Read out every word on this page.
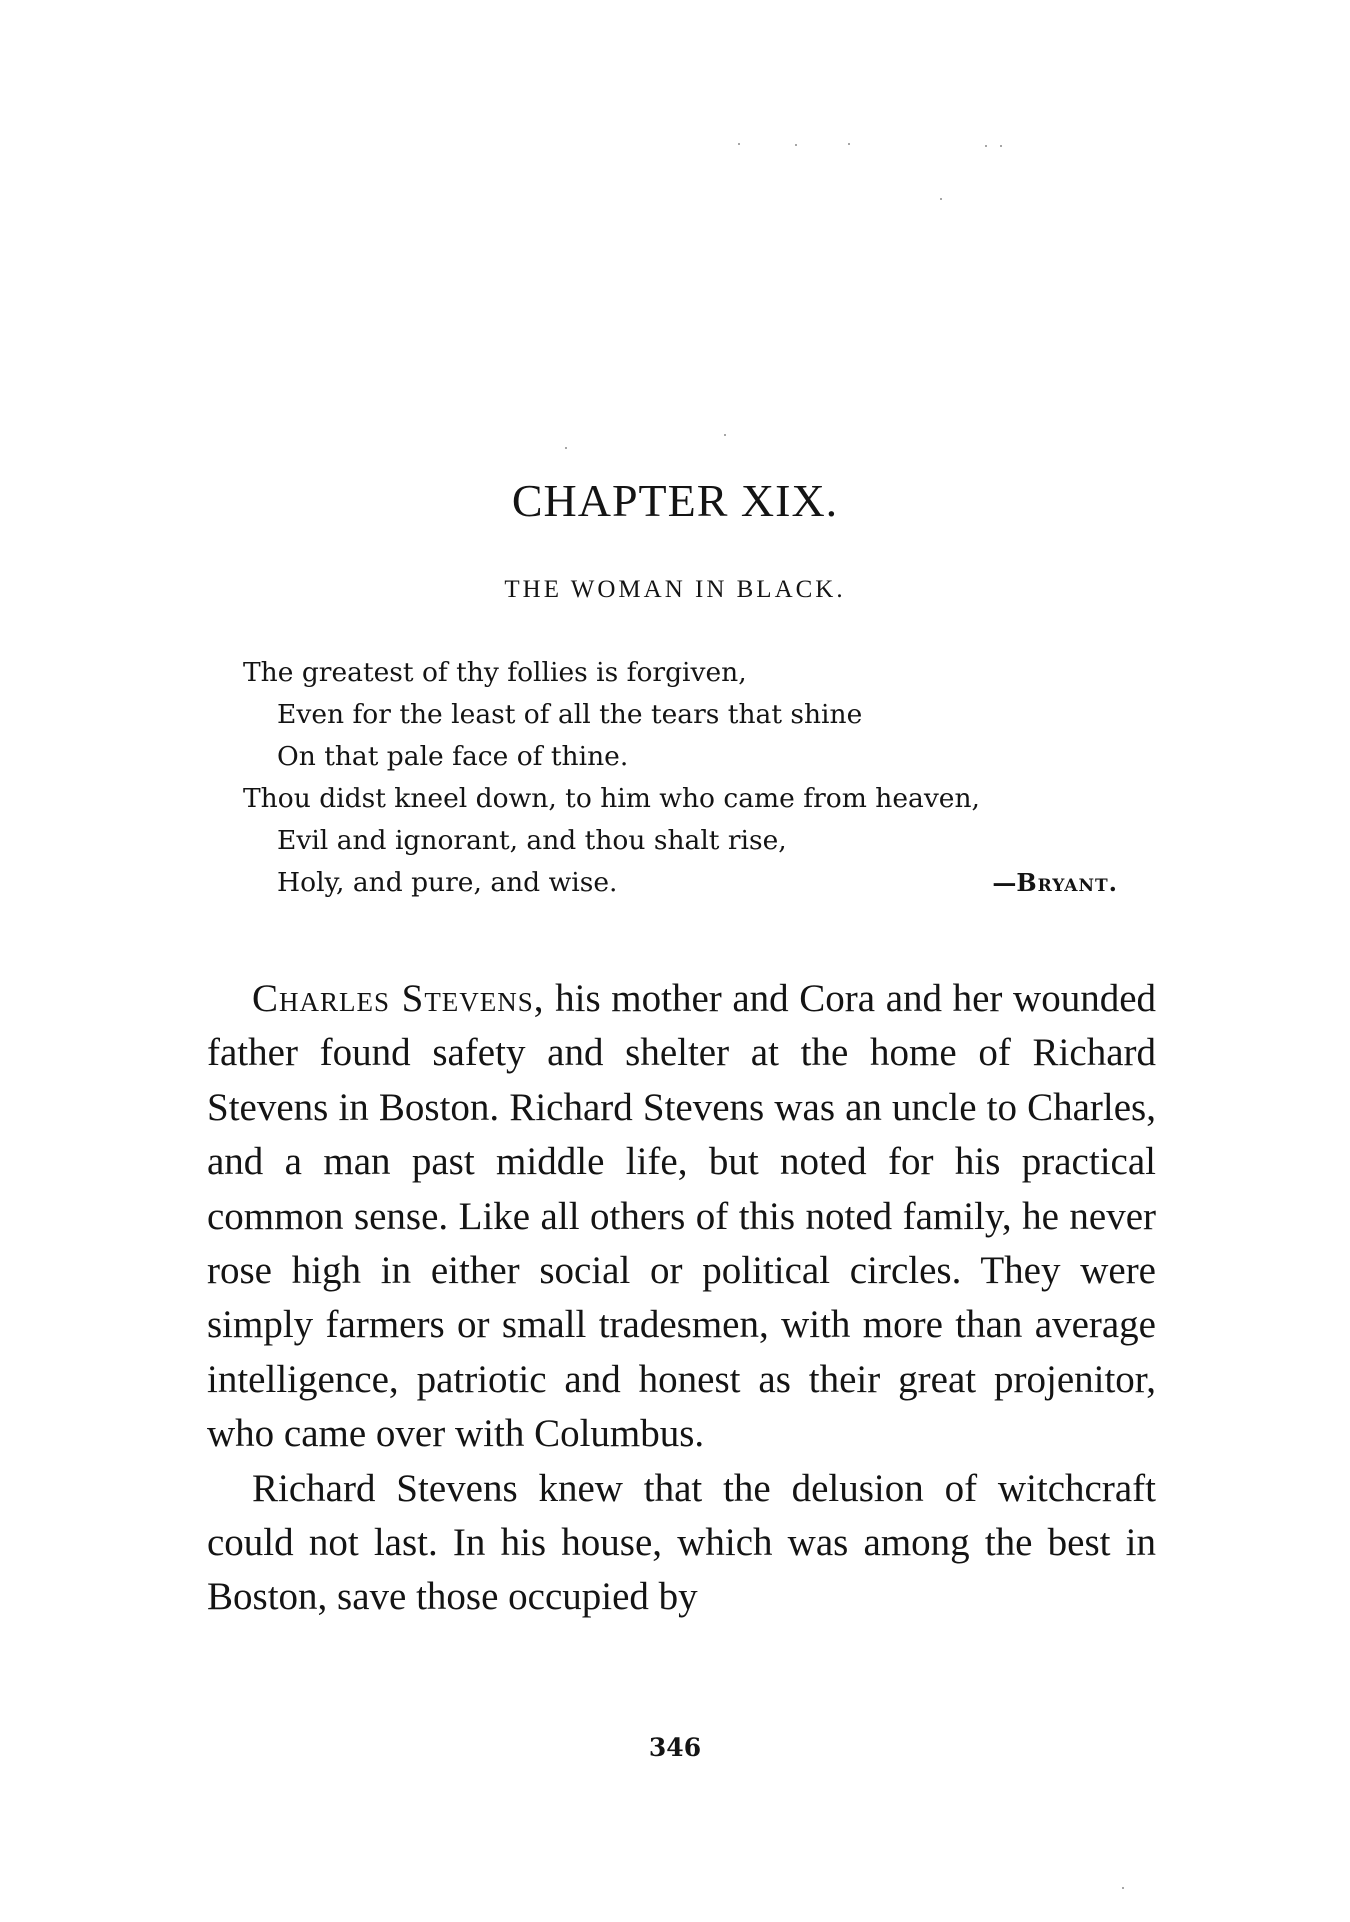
CHAPTER XIX.
THE WOMAN IN BLACK.
The greatest of thy follies is forgiven,
Even for the least of all the tears that shine
On that pale face of thine.
Thou didst kneel down, to him who came from heaven,
Evil and ignorant, and thou shalt rise,
Holy, and pure, and wise.	—Bryant.

Charles Stevens, his mother and Cora and her wounded father found safety and shelter at the home of Richard Stevens in Boston. Richard Stevens was an uncle to Charles, and a man past middle life, but noted for his practical common sense. Like all others of this noted family, he never rose high in either social or political circles. They were simply farmers or small tradesmen, with more than average intelligence, patriotic and honest as their great projenitor, who came over with Columbus.

Richard Stevens knew that the delusion of witchcraft could not last. In his house, which was among the best in Boston, save those occupied by

346
